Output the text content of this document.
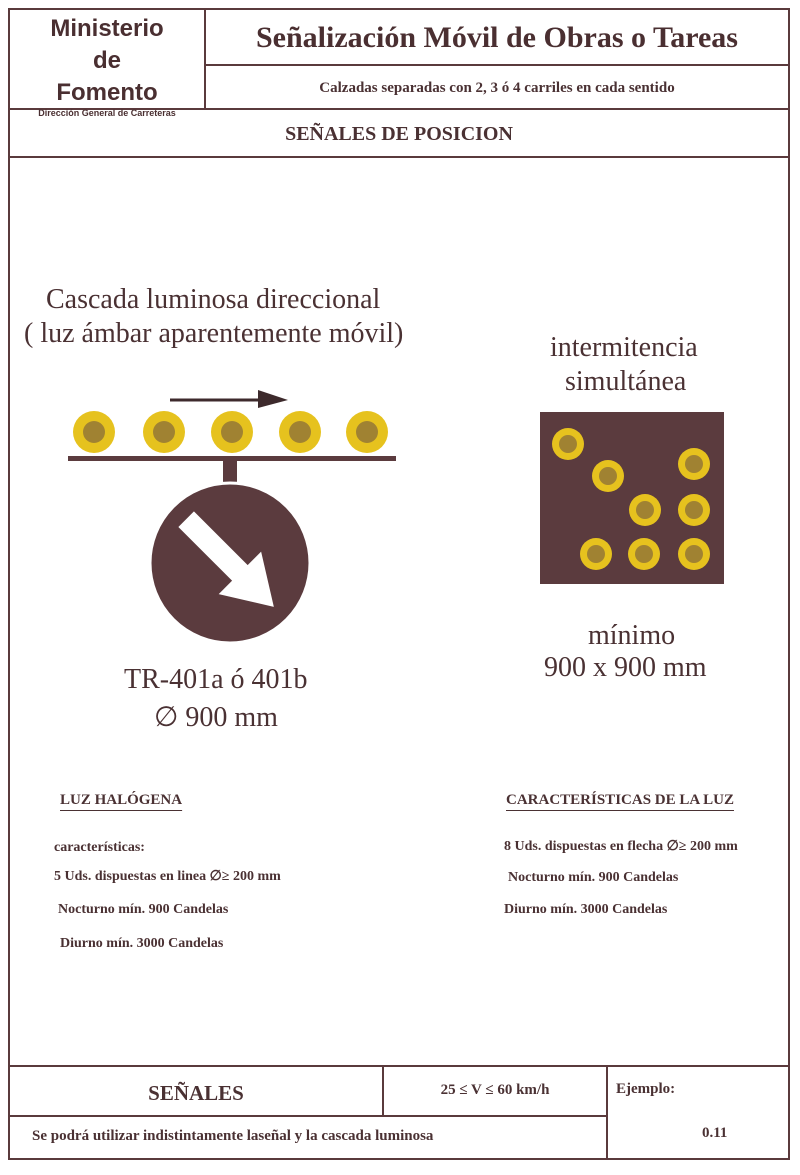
Ministerio
de
Fomento
Dirección General de Carreteras
Señalización Móvil de Obras o Tareas
Calzadas separadas con 2, 3 ó 4 carriles en cada sentido
SEÑALES DE POSICION
Cascada luminosa direccional
( luz ámbar aparentemente móvil)
TR-401a ó 401b
∅ 900 mm
intermitencia
simultánea
mínimo
900 x 900 mm
LUZ HALÓGENA
características:
5 Uds. dispuestas en linea ∅≥ 200 mm
Nocturno mín. 900 Candelas
Diurno mín. 3000 Candelas
CARACTERÍSTICAS DE LA LUZ
8 Uds. dispuestas en flecha ∅≥ 200 mm
Nocturno mín. 900 Candelas
Diurno mín. 3000 Candelas
SEÑALES	25 ≤ V ≤ 60 km/h	Ejemplo:
0.11
Se podrá utilizar indistintamente laseñal y la cascada luminosa
